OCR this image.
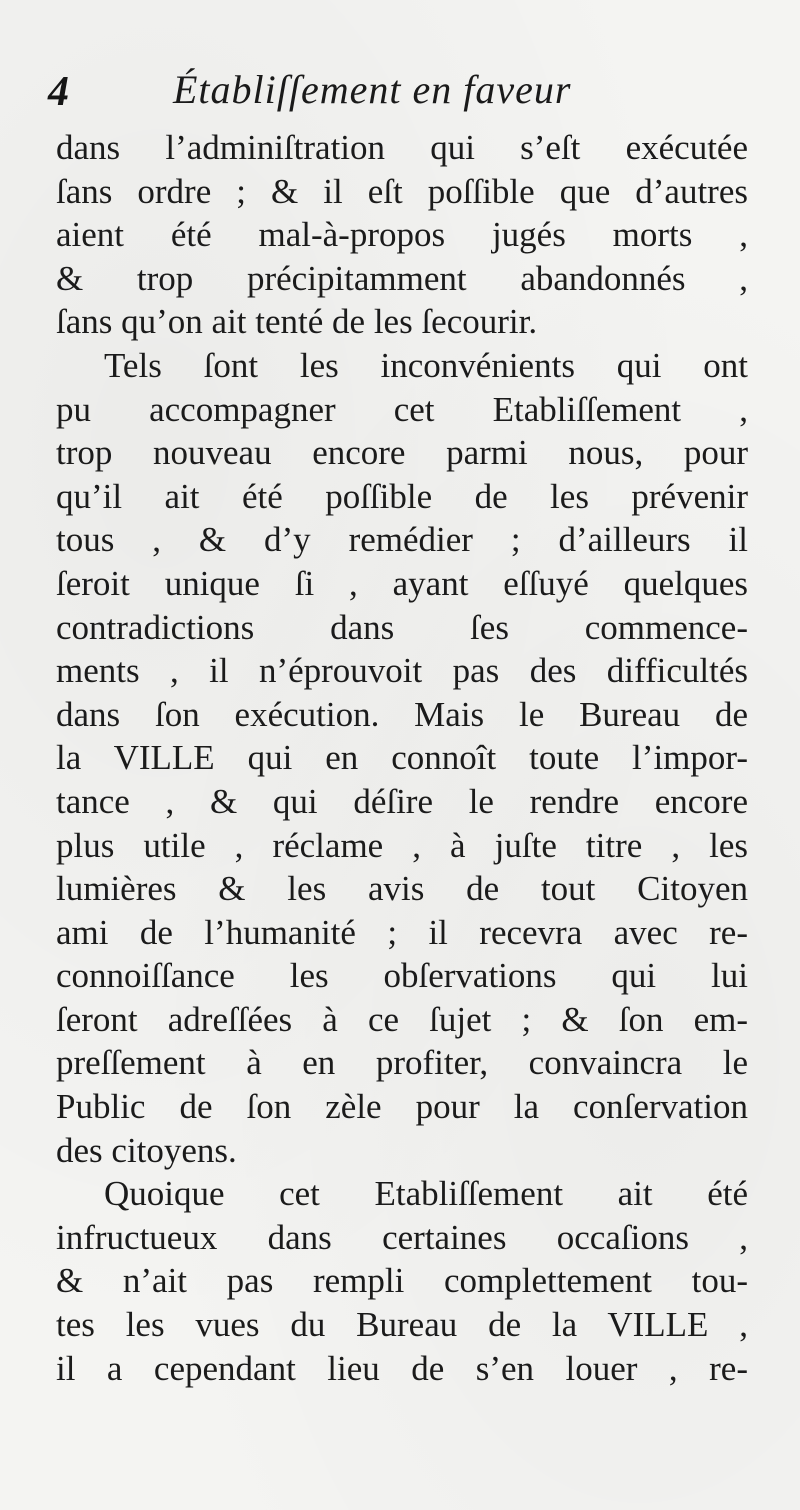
4	Établiſſement en faveur
dans l’adminiſtration qui s’eſt exécutée
ſans ordre ; & il eſt poſſible que d’autres
aient été mal-à-propos jugés morts ,
& trop précipitamment abandonnés ,
ſans qu’on ait tenté de les ſecourir.
Tels ſont les inconvénients qui ont
pu accompagner cet Etabliſſement ,
trop nouveau encore parmi nous, pour
qu’il ait été poſſible de les prévenir
tous , & d’y remédier ; d’ailleurs il
ſeroit unique ſi , ayant eſſuyé quelques
contradictions dans ſes commence-
ments , il n’éprouvoit pas des difficultés
dans ſon exécution. Mais le Bureau de
la VILLE qui en connoît toute l’impor-
tance , & qui déſire le rendre encore
plus utile , réclame , à juſte titre , les
lumières & les avis de tout Citoyen
ami de l’humanité ; il recevra avec re-
connoiſſance les obſervations qui lui
ſeront adreſſées à ce ſujet ; & ſon em-
preſſement à en profiter, convaincra le
Public de ſon zèle pour la conſervation
des citoyens.
Quoique cet Etabliſſement ait été
infructueux dans certaines occaſions ,
& n’ait pas rempli complettement tou-
tes les vues du Bureau de la VILLE ,
il a cependant lieu de s’en louer , re-
